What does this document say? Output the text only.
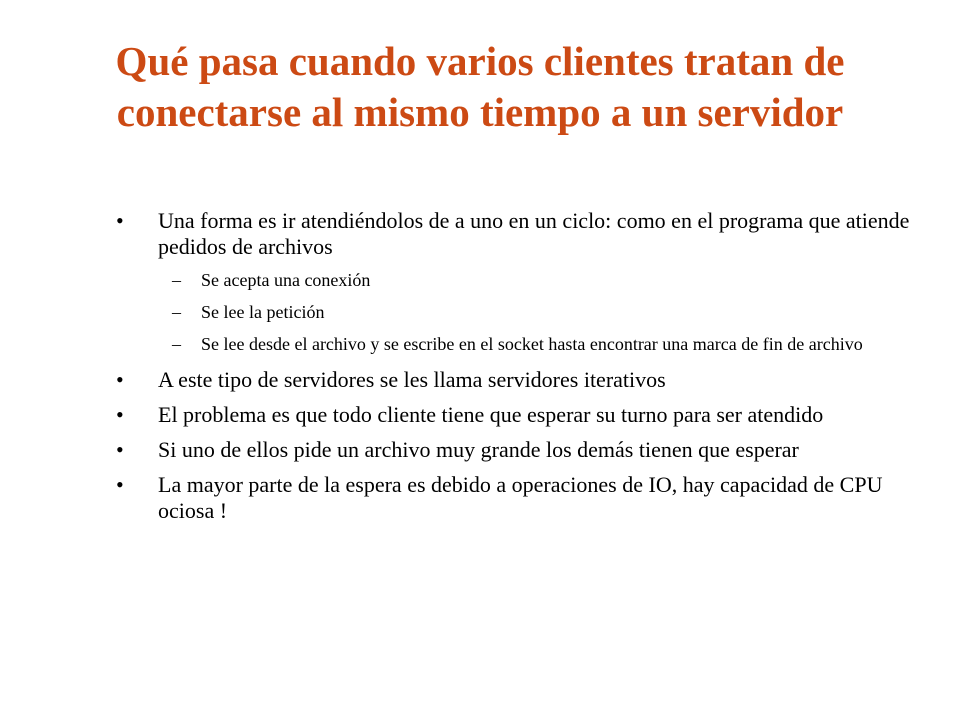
Qué pasa cuando varios clientes tratan de conectarse al mismo tiempo a un servidor
• Una forma es ir atendiéndolos de a uno en un ciclo: como en el programa que atiende pedidos de archivos
– Se acepta una conexión
– Se lee la petición
– Se lee desde el archivo y se escribe en el socket hasta encontrar una marca de fin de archivo
• A este tipo de servidores se les llama servidores iterativos
• El problema es que todo cliente tiene que esperar su turno para ser atendido
• Si uno de ellos pide un archivo muy grande los demás tienen que esperar
• La mayor parte de la espera es debido a operaciones de IO, hay capacidad de CPU ociosa !
